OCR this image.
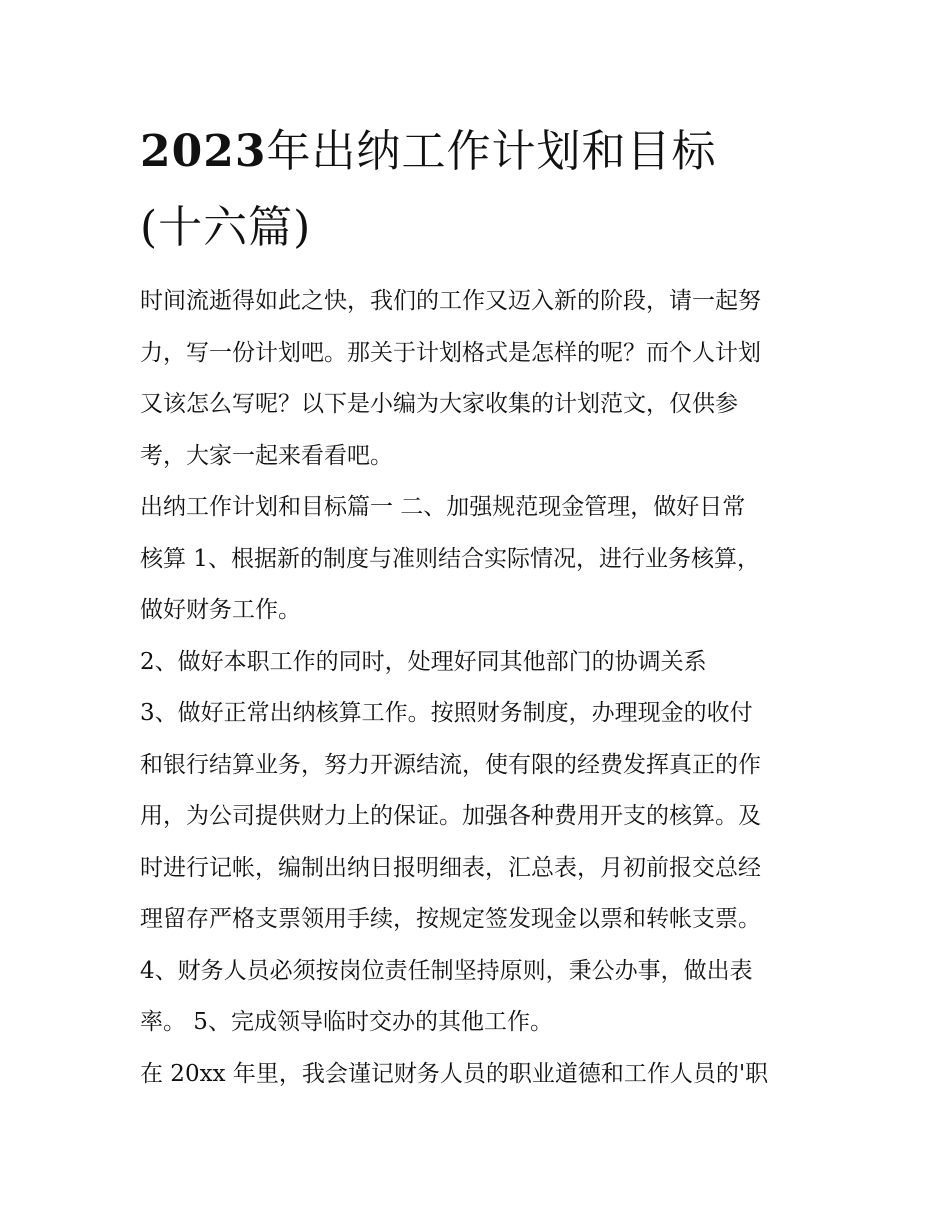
2023年出纳工作计划和目标
(十六篇)

时间流逝得如此之快，我们的工作又迈入新的阶段，请一起努
力，写一份计划吧。那关于计划格式是怎样的呢？而个人计划
又该怎么写呢？以下是小编为大家收集的计划范文，仅供参
考，大家一起来看看吧。

出纳工作计划和目标篇一 二、加强规范现金管理，做好日常
核算 1、根据新的制度与准则结合实际情况，进行业务核算，
做好财务工作。

2、做好本职工作的同时，处理好同其他部门的协调关系

3、做好正常出纳核算工作。按照财务制度，办理现金的收付
和银行结算业务，努力开源结流，使有限的经费发挥真正的作
用，为公司提供财力上的保证。加强各种费用开支的核算。及
时进行记帐，编制出纳日报明细表，汇总表，月初前报交总经
理留存严格支票领用手续，按规定签发现金以票和转帐支票。
4、财务人员必须按岗位责任制坚持原则，秉公办事，做出表
率。 5、完成领导临时交办的其他工作。

在 20xx 年里，我会谨记财务人员的职业道德和工作人员的'职
